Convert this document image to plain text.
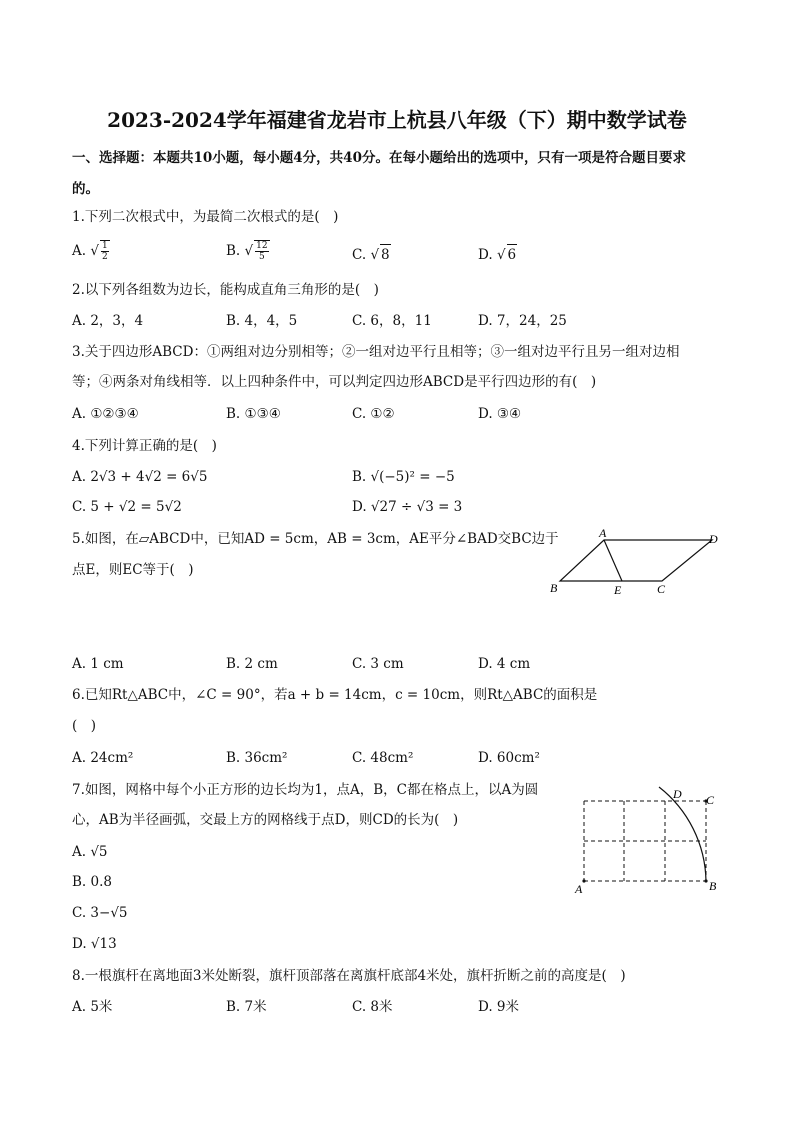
2023-2024学年福建省龙岩市上杭县八年级（下）期中数学试卷
一、选择题：本题共10小题，每小题4分，共40分。在每小题给出的选项中，只有一项是符合题目要求
的。
1.下列二次根式中，为最简二次根式的是(　)
A. √ $\frac{1}{2}$	B. √ $\frac{12}{5}$	C. √ 8	D. √ 6
2.以下列各组数为边长，能构成直角三角形的是(　)
A. 2，3，4	B. 4，4，5	C. 6，8，11	D. 7，24，25
3.关于四边形ABCD：①两组对边分别相等；②一组对边平行且相等；③一组对边平行且另一组对边相
等；④两条对角线相等．以上四种条件中，可以判定四边形ABCD是平行四边形的有(　)
A. ①②③④	B. ①③④	C. ①②	D. ③④
4.下列计算正确的是(　)
A. 2√3 + 4√2 = 6√5	B. √(−5)² = −5
C. 5 + √2 = 5√2	D. √27 ÷ √3 = 3
5.如图，在▱ABCD中，已知AD = 5cm，AB = 3cm，AE平分∠BAD交BC边于
点E，则EC等于(　)
A	D
B	E	C
A. 1 cm	B. 2 cm	C. 3 cm	D. 4 cm
6.已知Rt△ABC中，∠C = 90°，若a + b = 14cm，c = 10cm，则Rt△ABC的面积是
(　)
A. 24cm²	B. 36cm²	C. 48cm²	D. 60cm²
7.如图，网格中每个小正方形的边长均为1，点A，B，C都在格点上，以A为圆
心，AB为半径画弧，交最上方的网格线于点D，则CD的长为(　)
A. √5
B. 0.8
C. 3−√5
D. √13
D C
A	B
8.一根旗杆在离地面3米处断裂，旗杆顶部落在离旗杆底部4米处，旗杆折断之前的高度是(　)
A. 5米	B. 7米	C. 8米	D. 9米
